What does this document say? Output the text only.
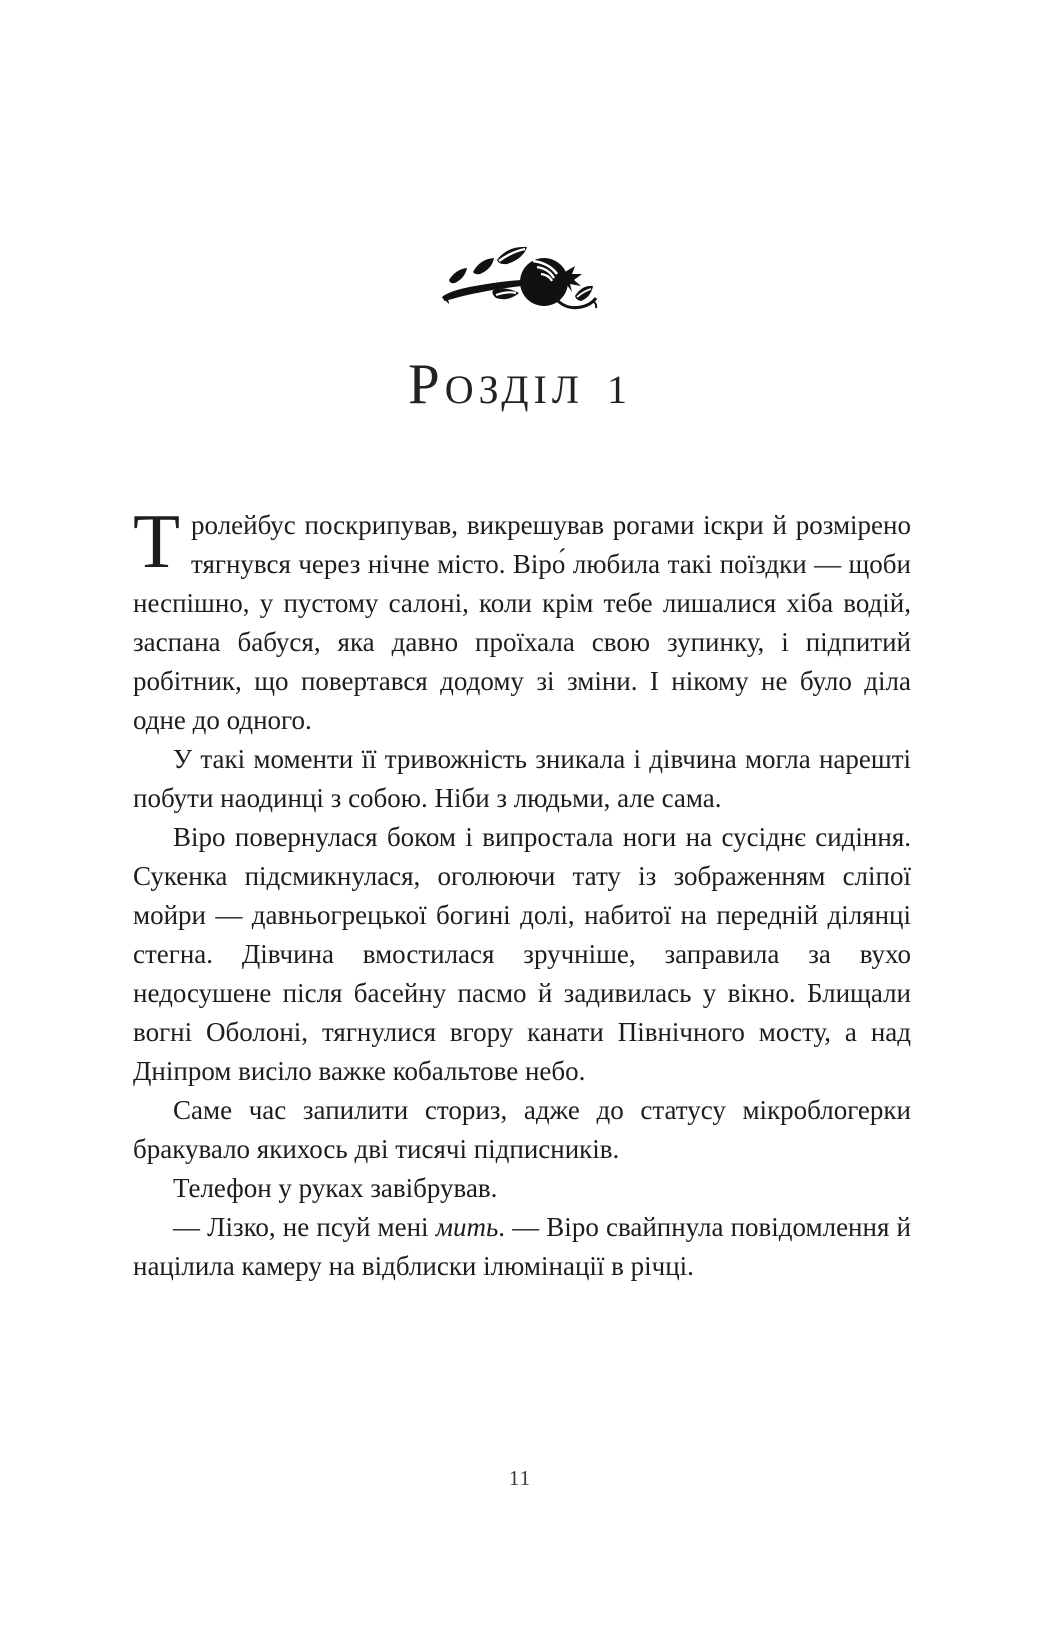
РОЗДІЛ 1

Тролейбус поскрипував, викрешував рогами іскри й розмірено тягнувся через нічне місто. Віро́ любила такі поїздки — щоби неспішно, у пустому салоні, коли крім тебе лишалися хіба водій, заспана бабуся, яка давно проїхала свою зупинку, і підпитий робітник, що повертався додому зі зміни. І нікому не було діла одне до одного.

У такі моменти її тривожність зникала і дівчина могла нарешті побути наодинці з собою. Ніби з людьми, але сама.

Віро повернулася боком і випростала ноги на сусіднє сидіння. Сукенка підсмикнулася, оголюючи тату із зображенням сліпої мойри — давньогрецької богині долі, набитої на передній ділянці стегна. Дівчина вмостилася зручніше, заправила за вухо недосушене після басейну пасмо й задивилась у вікно. Блищали вогні Оболоні, тягнулися вгору канати Північного мосту, а над Дніпром висіло важке кобальтове небо.

Саме час запилити сториз, адже до статусу мікроблогерки бракувало якихось дві тисячі підписників.

Телефон у руках завібрував.

— Лізко, не псуй мені мить. — Віро свайпнула повідомлення й націлила камеру на відблиски ілюмінації в річці.

11
